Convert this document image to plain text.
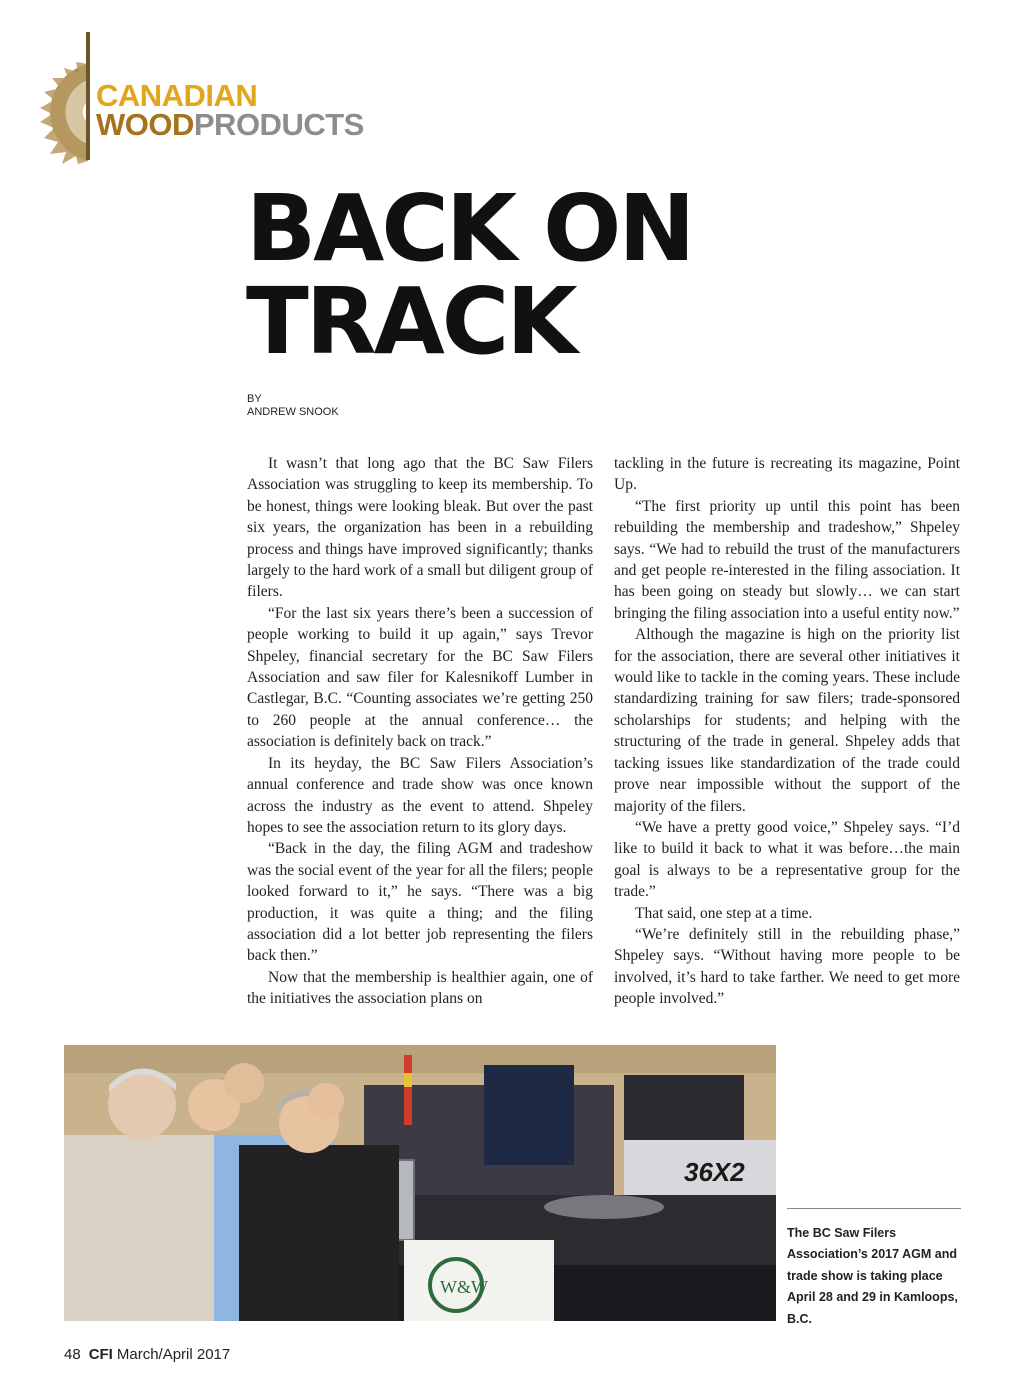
CANADIAN
WOODPRODUCTS
BACK ON
TRACK
BY
ANDREW SNOOK

It wasn’t that long ago that the BC Saw Filers Association was struggling to keep its membership. To be honest, things were looking bleak. But over the past six years, the organization has been in a rebuilding process and things have improved significantly; thanks largely to the hard work of a small but diligent group of filers.

“For the last six years there’s been a succession of people working to build it up again,” says Trevor Shpeley, financial secretary for the BC Saw Filers Association and saw filer for Kalesnikoff Lumber in Castlegar, B.C. “Counting associates we’re getting 250 to 260 people at the annual conference… the association is definitely back on track.”

In its heyday, the BC Saw Filers Association’s annual conference and trade show was once known across the industry as the event to attend. Shpeley hopes to see the association return to its glory days.

“Back in the day, the filing AGM and tradeshow was the social event of the year for all the filers; people looked forward to it,” he says. “There was a big production, it was quite a thing; and the filing association did a lot better job representing the filers back then.”

Now that the membership is healthier again, one of the initiatives the association plans on

tackling in the future is recreating its magazine, Point Up.

“The first priority up until this point has been rebuilding the membership and tradeshow,” Shpeley says. “We had to rebuild the trust of the manufacturers and get people re-interested in the filing association. It has been going on steady but slowly… we can start bringing the filing association into a useful entity now.”

Although the magazine is high on the priority list for the association, there are several other initiatives it would like to tackle in the coming years. These include standardizing training for saw filers; trade-sponsored scholarships for students; and helping with the structuring of the trade in general. Shpeley adds that tacking issues like standardization of the trade could prove near impossible without the support of the majority of the filers.

“We have a pretty good voice,” Shpeley says. “I’d like to build it back to what it was before…the main goal is always to be a representative group for the trade.”

That said, one step at a time.

“We’re definitely still in the rebuilding phase,” Shpeley says. “Without having more people to be involved, it’s hard to take farther. We need to get more people involved.”

36X2
W&W

The BC Saw Filers Association’s 2017 AGM and trade show is taking place April 28 and 29 in Kamloops, B.C.

48 CFI March/April 2017
